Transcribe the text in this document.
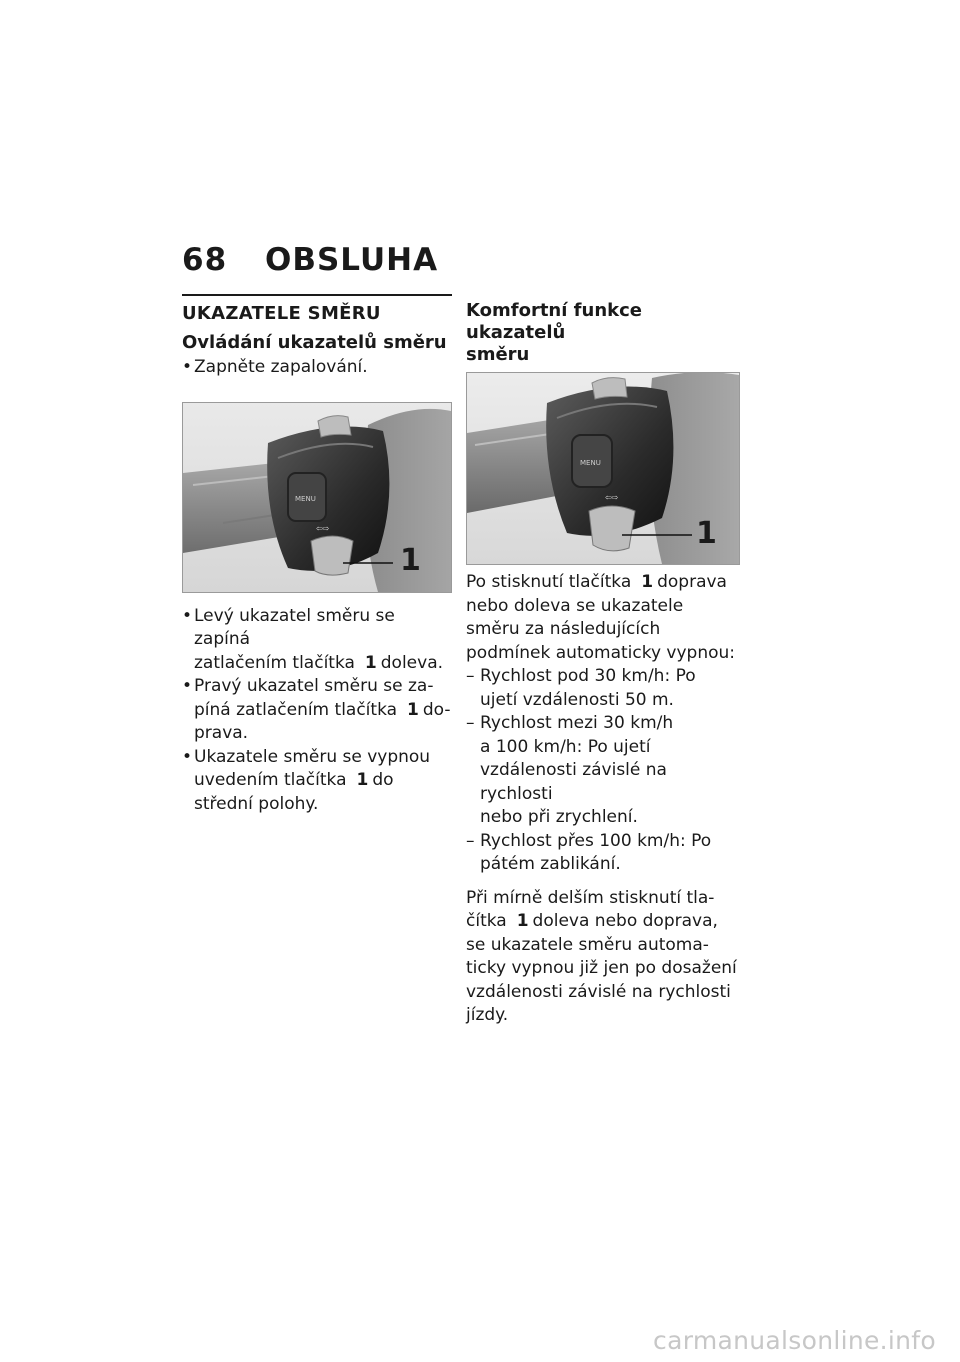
68 OBSLUHA
UKAZATELE SMĚRU
Ovládání ukazatelů směru

• Zapněte zapalování.

MENU
⇦⇨
1

• Levý ukazatel směru se zapíná
zatlačením tlačítka 1 doleva.

• Pravý ukazatel směru se za-
píná zatlačením tlačítka 1 do-
prava.

• Ukazatele směru se vypnou
uvedením tlačítka 1 do
střední polohy.

Komfortní funkce ukazatelů
směru
MENU
⇦⇨
1

Po stisknutí tlačítka 1 doprava
nebo doleva se ukazatele
směru za následujících
podmínek automaticky vypnou:

– Rychlost pod 30 km/h: Po
ujetí vzdálenosti 50 m.

– Rychlost mezi 30 km/h
a 100 km/h: Po ujetí
vzdálenosti závislé na rychlosti
nebo při zrychlení.

– Rychlost přes 100 km/h: Po
pátém zablikání.

Při mírně delším stisknutí tla-
čítka 1 doleva nebo doprava,
se ukazatele směru automa-
ticky vypnou již jen po dosažení
vzdálenosti závislé na rychlosti
jízdy.

carmanualsonline.info
